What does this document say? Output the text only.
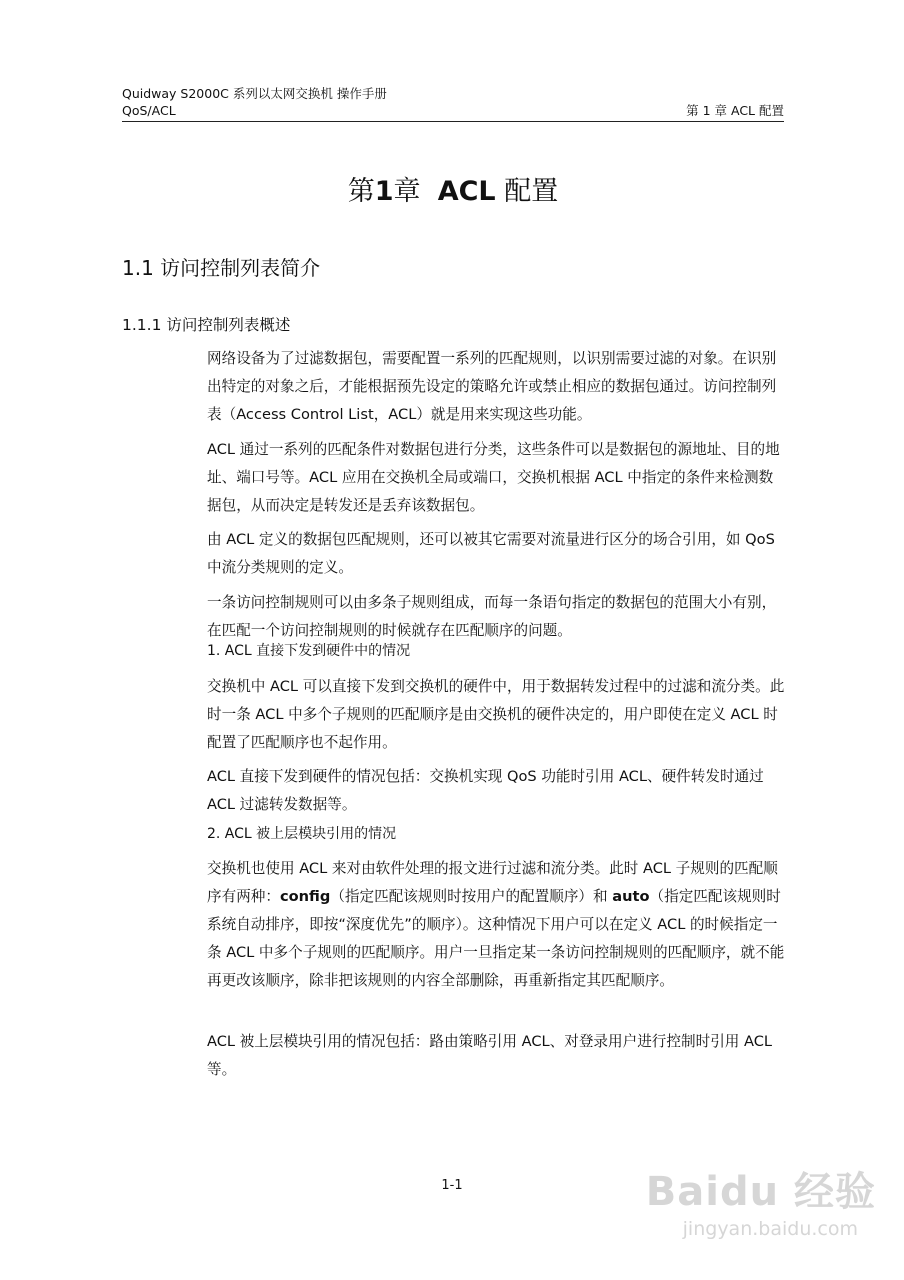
Quidway S2000C 系列以太网交换机 操作手册
QoS/ACL	第 1 章 ACL 配置
第1章 ACL 配置
1.1 访问控制列表简介
1.1.1 访问控制列表概述

网络设备为了过滤数据包，需要配置一系列的匹配规则，以识别需要过滤的对象。在识别出特定的对象之后，才能根据预先设定的策略允许或禁止相应的数据包通过。访问控制列表（Access Control List，ACL）就是用来实现这些功能。

ACL 通过一系列的匹配条件对数据包进行分类，这些条件可以是数据包的源地址、目的地址、端口号等。ACL 应用在交换机全局或端口，交换机根据 ACL 中指定的条件来检测数据包，从而决定是转发还是丢弃该数据包。

由 ACL 定义的数据包匹配规则，还可以被其它需要对流量进行区分的场合引用，如 QoS 中流分类规则的定义。

一条访问控制规则可以由多条子规则组成，而每一条语句指定的数据包的范围大小有别，在匹配一个访问控制规则的时候就存在匹配顺序的问题。

1. ACL 直接下发到硬件中的情况

交换机中 ACL 可以直接下发到交换机的硬件中，用于数据转发过程中的过滤和流分类。此时一条 ACL 中多个子规则的匹配顺序是由交换机的硬件决定的，用户即使在定义 ACL 时配置了匹配顺序也不起作用。

ACL 直接下发到硬件的情况包括：交换机实现 QoS 功能时引用 ACL、硬件转发时通过 ACL 过滤转发数据等。

2. ACL 被上层模块引用的情况

交换机也使用 ACL 来对由软件处理的报文进行过滤和流分类。此时 ACL 子规则的匹配顺序有两种：config（指定匹配该规则时按用户的配置顺序）和 auto（指定匹配该规则时系统自动排序，即按“深度优先”的顺序）。这种情况下用户可以在定义 ACL 的时候指定一条 ACL 中多个子规则的匹配顺序。用户一旦指定某一条访问控制规则的匹配顺序，就不能再更改该顺序，除非把该规则的内容全部删除，再重新指定其匹配顺序。

ACL 被上层模块引用的情况包括：路由策略引用 ACL、对登录用户进行控制时引用 ACL 等。

1-1	Baidu 经验
jingyan.baidu.com
